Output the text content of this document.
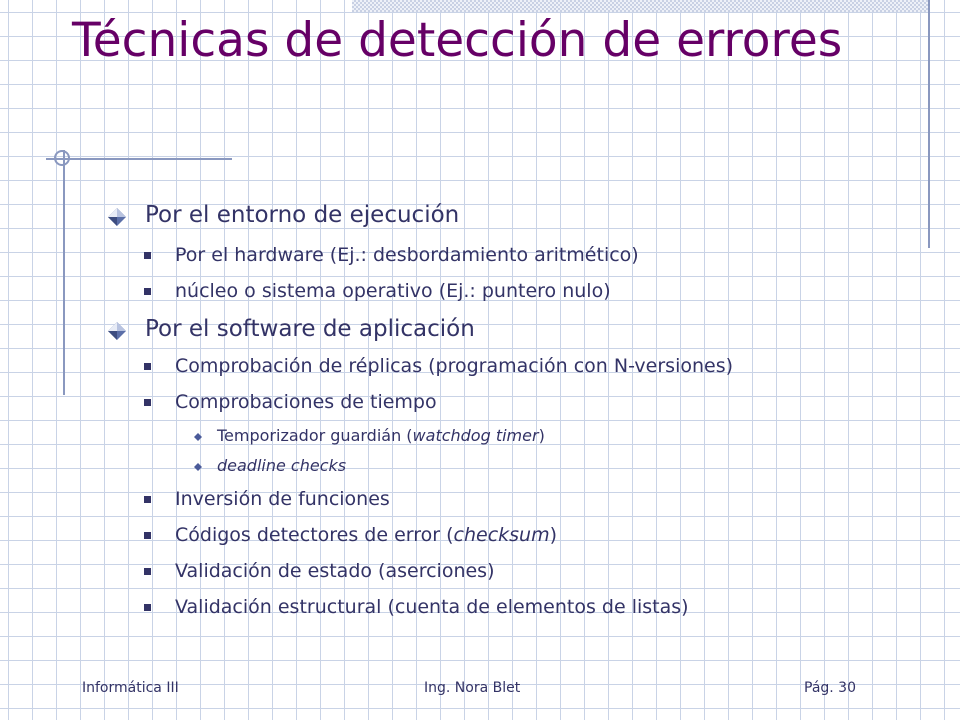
Técnicas de detección de errores
Por el entorno de ejecución
Por el hardware (Ej.: desbordamiento aritmético)
núcleo o sistema operativo (Ej.: puntero nulo)
Por el software de aplicación
Comprobación de réplicas (programación con N-versiones)
Comprobaciones de tiempo
Temporizador guardián (watchdog timer)
deadline checks
Inversión de funciones
Códigos detectores de error (checksum)
Validación de estado (aserciones)
Validación estructural (cuenta de elementos de listas)
Informática III	Ing. Nora Blet	Pág. 30
